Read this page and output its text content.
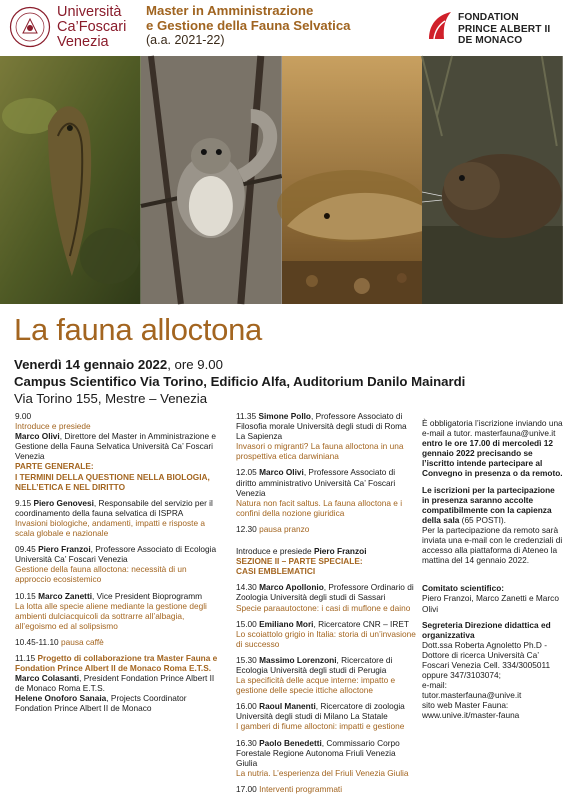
Università
Ca’Foscari
Venezia
Master in Amministrazione
e Gestione della Fauna Selvatica
(a.a. 2021-22)
FONDATION
PRINCE ALBERT II
DE MONACO
La fauna alloctona
Venerdì 14 gennaio 2022, ore 9.00
Campus Scientifico Via Torino, Edificio Alfa, Auditorium Danilo Mainardi
Via Torino 155, Mestre – Venezia
9.00
Introduce e presiede
Marco Olivi, Direttore del Master in Amministrazione e Gestione della Fauna Selvatica Università Ca’ Foscari Venezia
PARTE GENERALE:
I TERMINI DELLA QUESTIONE NELLA BIOLOGIA, NELL’ETICA E NEL DIRITTO
9.15 Piero Genovesi, Responsabile del servizio per il coordinamento della fauna selvatica di ISPRA
Invasioni biologiche, andamenti, impatti e risposte a scala globale e nazionale
09.45 Piero Franzoi, Professore Associato di Ecologia Università Ca’ Foscari Venezia
Gestione della fauna alloctona: necessità di un approccio ecosistemico
10.15 Marco Zanetti, Vice President Bioprogramm
La lotta alle specie aliene mediante la gestione degli ambienti dulciacquicoli da sottrarre all’albagia, all’egoismo ed al solipsismo
10.45-11.10 pausa caffè
11.15 Progetto di collaborazione tra Master Fauna e Fondation Prince Albert II de Monaco Roma E.T.S.
Marco Colasanti, President Fondation Prince Albert II de Monaco Roma E.T.S.
Helene Onoforo Sanaia, Projects Coordinator Fondation Prince Albert II de Monaco
11.35 Simone Pollo, Professore Associato di Filosofia morale Università degli studi di Roma La Sapienza
Invasori o migranti? La fauna alloctona in una prospettiva etica darwiniana
12.05 Marco Olivi, Professore Associato di diritto amministrativo Università Ca’ Foscari Venezia
Natura non facit saltus. La fauna alloctona e i confini della nozione giuridica
12.30 pausa pranzo
Introduce e presiede Piero Franzoi
SEZIONE II – PARTE SPECIALE:
CASI EMBLEMATICI
14.30 Marco Apollonio, Professore Ordinario di Zoologia Università degli studi di Sassari
Specie paraautoctone: i casi di muflone e daino
15.00 Emiliano Mori, Ricercatore CNR – IRET
Lo scoiattolo grigio in Italia: storia di un’invasione di successo
15.30 Massimo Lorenzoni, Ricercatore di Ecologia Università degli studi di Perugia
La specificità delle acque interne: impatto e gestione delle specie ittiche alloctone
16.00 Raoul Manenti, Ricercatore di zoologia Università degli studi di Milano La Statale
I gamberi di fiume alloctoni: impatti e gestione
16.30 Paolo Benedetti, Commissario Corpo Forestale Regione Autonoma Friuli Venezia Giulia
La nutria. L’esperienza del Friuli Venezia Giulia
17.00 Interventi programmati

È obbligatoria l’iscrizione inviando una e-mail a tutor. masterfauna@unive.it entro le ore 17.00 di mercoledì 12 gennaio 2022 precisando se l’iscritto intende partecipare al Convegno in presenza o da remoto.

Le iscrizioni per la partecipazione in presenza saranno accolte compatibilmente con la capienza della sala (65 POSTI).

Per la partecipazione da remoto sarà inviata una e-mail con le credenziali di accesso alla piattaforma di Ateneo la mattina del 14 gennaio 2022.

Comitato scientifico:
Piero Franzoi, Marco Zanetti e Marco Olivi

Segreteria Direzione didattica ed organizzativa
Dott.ssa Roberta Agnoletto Ph.D - Dottore di ricerca Università Ca’ Foscari Venezia Cell. 334/3005011 oppure 347/3103074;
e-mail:
tutor.masterfauna@unive.it
sito web Master Fauna:
www.unive.it/master-fauna
